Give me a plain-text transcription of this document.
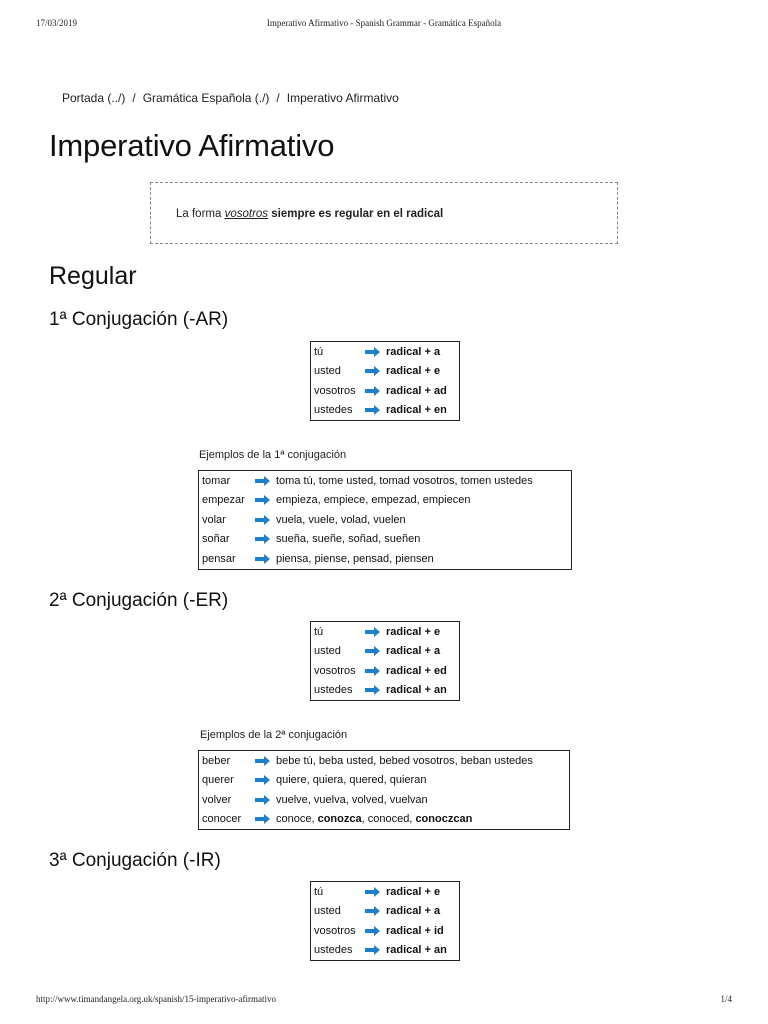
17/03/2019	Imperativo Afirmativo - Spanish Grammar - Gramática Española
Portada (../) / Gramática Española (./) / Imperativo Afirmativo
Imperativo Afirmativo
La forma vosotros siempre es regular en el radical
Regular
1ª Conjugación (-AR)
tú		radical + a
usted		radical + e
vosotros		radical + ad
ustedes		radical + en
Ejemplos de la 1ª conjugación
tomar		toma tú, tome usted, tomad vosotros, tomen ustedes
empezar		empieza, empiece, empezad, empiecen
volar		vuela, vuele, volad, vuelen
soñar		sueña, sueñe, soñad, sueñen
pensar		piensa, piense, pensad, piensen
2ª Conjugación (-ER)
tú		radical + e
usted		radical + a
vosotros		radical + ed
ustedes		radical + an
Ejemplos de la 2ª conjugación
beber		bebe tú, beba usted, bebed vosotros, beban ustedes
querer		quiere, quiera, quered, quieran
volver		vuelve, vuelva, volved, vuelvan
conocer		conoce, conozca, conoced, conoczcan
3ª Conjugación (-IR)
tú		radical + e
usted		radical + a
vosotros		radical + id
ustedes		radical + an
http://www.timandangela.org.uk/spanish/15-imperativo-afirmativo	1/4
